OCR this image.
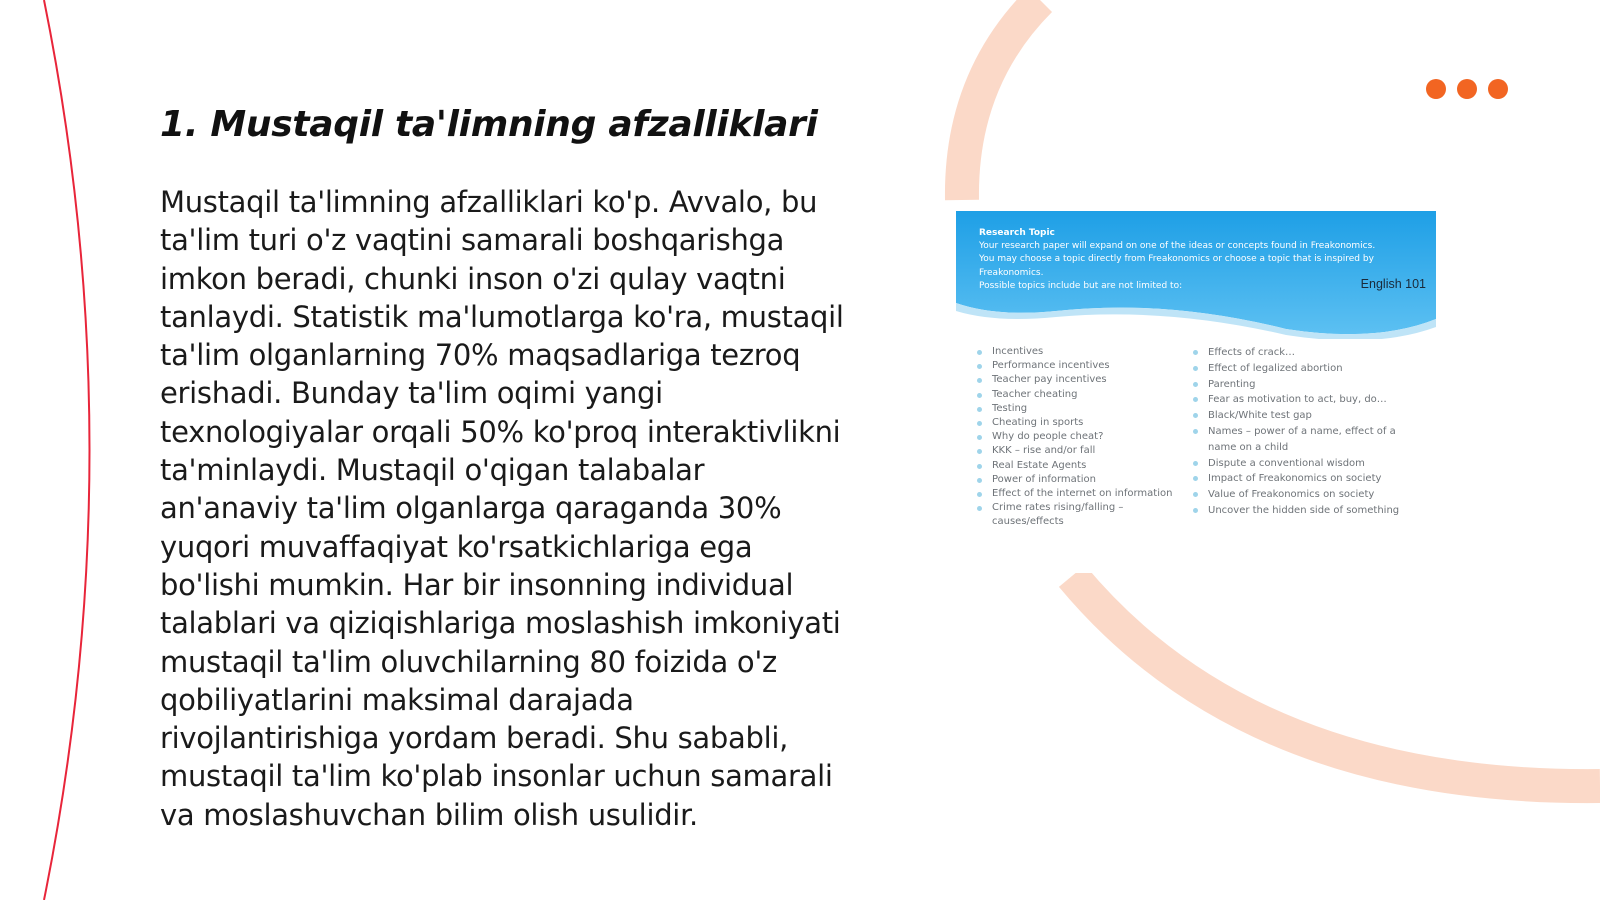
1. Mustaqil ta'limning afzalliklari

Mustaqil ta'limning afzalliklari ko'p. Avvalo, bu ta'lim turi o'z vaqtini samarali boshqarishga imkon beradi, chunki inson o'zi qulay vaqtni tanlaydi. Statistik ma'lumotlarga ko'ra, mustaqil ta'lim olganlarning 70% maqsadlariga tezroq erishadi. Bunday ta'lim oqimi yangi texnologiyalar orqali 50% ko'proq interaktivlikni ta'minlaydi. Mustaqil o'qigan talabalar an'anaviy ta'lim olganlarga qaraganda 30% yuqori muvaffaqiyat ko'rsatkichlariga ega bo'lishi mumkin. Har bir insonning individual talablari va qiziqishlariga moslashish imkoniyati mustaqil ta'lim oluvchilarning 80 foizida o'z qobiliyatlarini maksimal darajada rivojlantirishiga yordam beradi. Shu sababli, mustaqil ta'lim ko'plab insonlar uchun samarali va moslashuvchan bilim olish usulidir.

Research Topic
Your research paper will expand on one of the ideas or concepts found in Freakonomics.
You may choose a topic directly from Freakonomics or choose a topic that is inspired by Freakonomics.
Possible topics include but are not limited to:	English 101
Incentives
Performance incentives
Teacher pay incentives
Teacher cheating
Testing
Cheating in sports
Why do people cheat?
KKK – rise and/or fall
Real Estate Agents
Power of information
Effect of the internet on information
Crime rates rising/falling – causes/effects
Effects of crack…
Effect of legalized abortion
Parenting
Fear as motivation to act, buy, do…
Black/White test gap
Names – power of a name, effect of a name on a child
Dispute a conventional wisdom
Impact of Freakonomics on society
Value of Freakonomics on society
Uncover the hidden side of something
